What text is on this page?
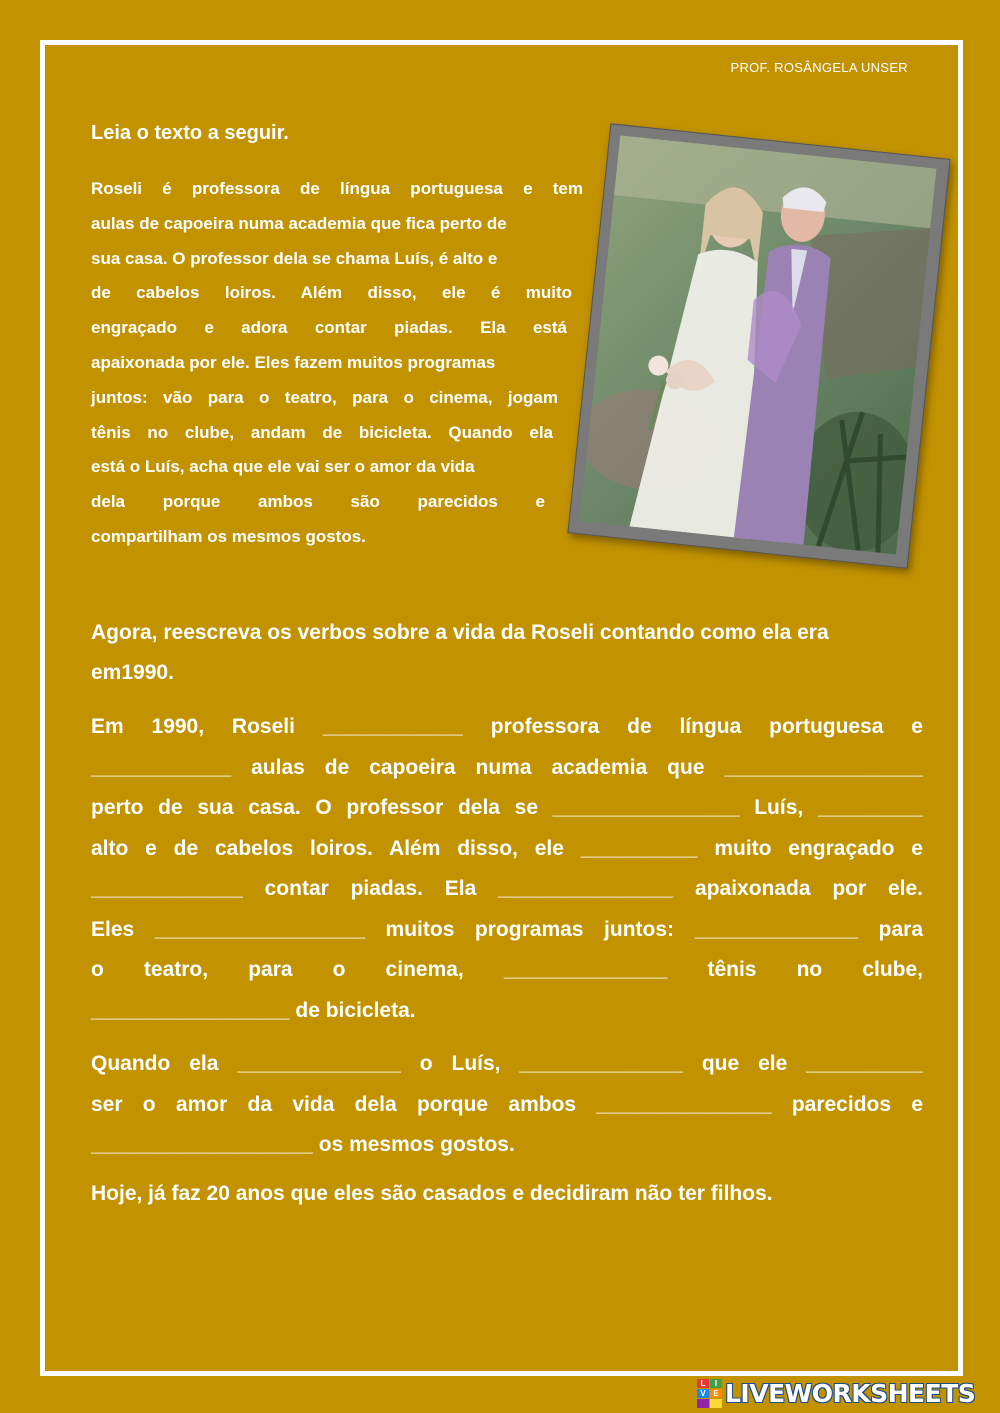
PROF. ROSÂNGELA UNSER
Leia o texto a seguir.
Roseli é professora de língua portuguesa e tem
aulas de capoeira numa academia que fica perto de
sua casa. O professor dela se chama Luís, é alto e
de cabelos loiros. Além disso, ele é muito
engraçado e adora contar piadas. Ela está
apaixonada por ele. Eles fazem muitos programas
juntos: vão para o teatro, para o cinema, jogam
tênis no clube, andam de bicicleta. Quando ela
está o Luís, acha que ele vai ser o amor da vida
dela porque ambos são parecidos e
compartilham os mesmos gostos.
Agora, reescreva os verbos sobre a vida da Roseli contando como ela era
em1990.

Em 1990, Roseli ____________ professora de língua portuguesa e
____________ aulas de capoeira numa academia que _________________
perto de sua casa. O professor dela se ________________ Luís, _________
alto e de cabelos loiros. Além disso, ele __________ muito engraçado e
_____________ contar piadas. Ela _______________ apaixonada por ele.
Eles __________________ muitos programas juntos: ______________ para
o teatro, para o cinema, ______________ tênis no clube,
_________________ de bicicleta.

Quando ela ______________ o Luís, ______________ que ele __________
ser o amor da vida dela porque ambos _______________ parecidos e
___________________ os mesmos gostos.

Hoje, já faz 20 anos que eles são casados e decidiram não ter filhos.
L	I
V E LIVEWORKSHEETS
